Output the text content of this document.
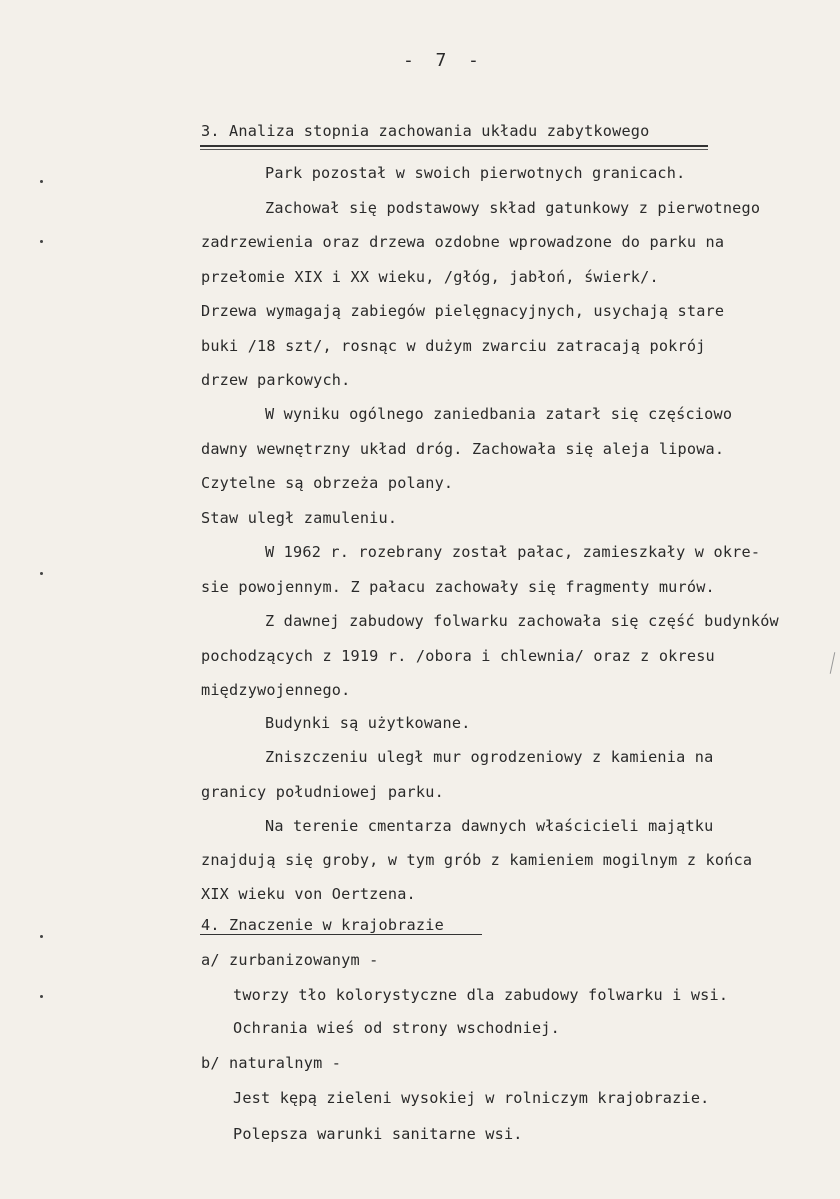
-  7  -
3. Analiza stopnia zachowania układu zabytkowego
Park pozostał w swoich pierwotnych granicach.
Zachował się podstawowy skład gatunkowy z pierwotnego
zadrzewienia oraz drzewa ozdobne wprowadzone do parku na
przełomie XIX i XX wieku, /głóg, jabłoń, świerk/.
Drzewa wymagają zabiegów pielęgnacyjnych, usychają stare
buki /18 szt/, rosnąc w dużym zwarciu zatracają pokrój
drzew parkowych.
W wyniku ogólnego zaniedbania zatarł się częściowo
dawny wewnętrzny układ dróg. Zachowała się aleja lipowa.
Czytelne są obrzeża polany.
Staw uległ zamuleniu.
W 1962 r. rozebrany został pałac, zamieszkały w okre-
sie powojennym. Z pałacu zachowały się fragmenty murów.
Z dawnej zabudowy folwarku zachowała się część budynków
pochodzących z 1919 r. /obora i chlewnia/ oraz z okresu
międzywojennego.
Budynki są użytkowane.
Zniszczeniu uległ mur ogrodzeniowy z kamienia na
granicy południowej parku.
Na terenie cmentarza dawnych właścicieli majątku
znajdują się groby, w tym grób z kamieniem mogilnym z końca
XIX wieku von Oertzena.
4. Znaczenie w krajobrazie
a/ zurbanizowanym -
tworzy tło kolorystyczne dla zabudowy folwarku i wsi.
Ochrania wieś od strony wschodniej.
b/ naturalnym -
Jest kępą zieleni wysokiej w rolniczym krajobrazie.
Polepsza warunki sanitarne wsi.
